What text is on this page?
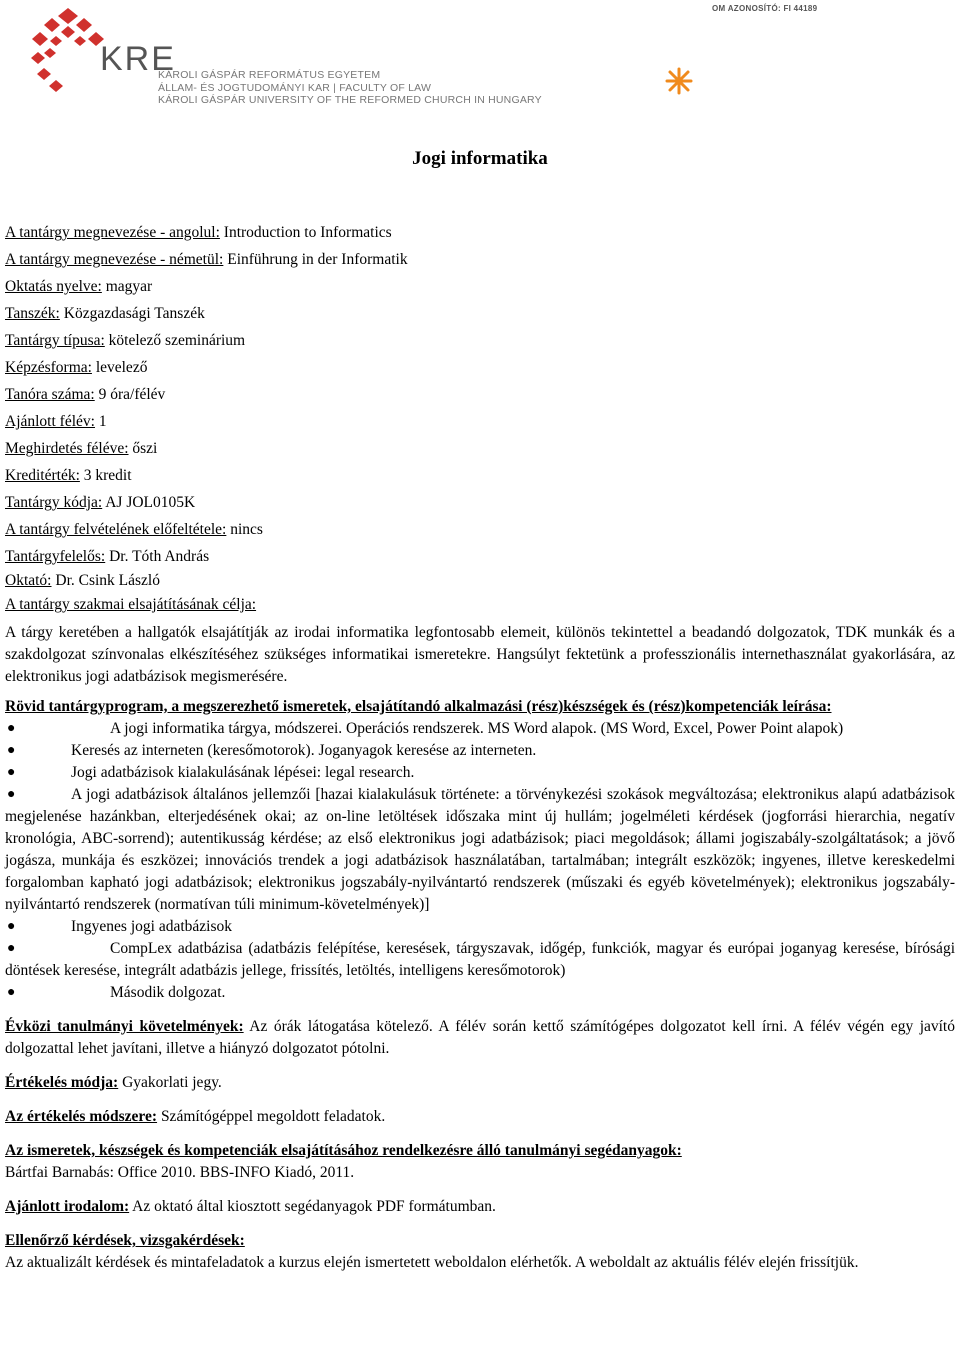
OM AZONOSÍTÓ: FI 44189
KRE
KÁROLI GÁSPÁR REFORMÁTUS EGYETEM
ÁLLAM- ÉS JOGTUDOMÁNYI KAR | FACULTY OF LAW
KÁROLI GÁSPÁR UNIVERSITY OF THE REFORMED CHURCH IN HUNGARY
Jogi informatika
A tantárgy megnevezése - angolul: Introduction to Informatics
A tantárgy megnevezése - németül: Einführung in der Informatik
Oktatás nyelve: magyar
Tanszék: Közgazdasági Tanszék
Tantárgy típusa: kötelező szeminárium
Képzésforma: levelező
Tanóra száma: 9 óra/félév
Ajánlott félév: 1
Meghirdetés féléve: őszi
Kreditérték: 3 kredit
Tantárgy kódja: AJ JOL0105K
A tantárgy felvételének előfeltétele: nincs
Tantárgyfelelős: Dr. Tóth András
Oktató: Dr. Csink László
A tantárgy szakmai elsajátításának célja:

A tárgy keretében a hallgatók elsajátítják az irodai informatika legfontosabb elemeit, különös tekintettel a beadandó dolgozatok, TDK munkák és a szakdolgozat színvonalas elkészítéséhez szükséges informatikai ismeretekre. Hangsúlyt fektetünk a professzionális internethasználat gyakorlására, az elektronikus jogi adatbázisok megismerésére.

Rövid tantárgyprogram, a megszerezhető ismeretek, elsajátítandó alkalmazási (rész)készségek és (rész)kompetenciák leírása:

●	A jogi informatika tárgya, módszerei. Operációs rendszerek. MS Word alapok. (MS Word, Excel, Power Point alapok)
●	Keresés az interneten (keresőmotorok). Joganyagok keresése az interneten.
●	Jogi adatbázisok kialakulásának lépései: legal research.
●	A jogi adatbázisok általános jellemzői [hazai kialakulásuk története: a törvénykezési szokások megváltozása; elektronikus alapú adatbázisok megjelenése hazánkban, elterjedésének okai; az on-line letöltések időszaka mint új hullám; jogelméleti kérdések (jogforrási hierarchia, negatív kronológia, ABC-sorrend); autentikusság kérdése; az első elektronikus jogi adatbázisok; piaci megoldások; állami jogiszabály-szolgáltatások; a jövő jogásza, munkája és eszközei; innovációs trendek a jogi adatbázisok használatában, tartalmában; integrált eszközök; ingyenes, illetve kereskedelmi forgalomban kapható jogi adatbázisok; elektronikus jogszabály-nyilvántartó rendszerek (műszaki és egyéb követelmények); elektronikus jogszabály-nyilvántartó rendszerek (normatívan túli minimum-követelmények)]
●	Ingyenes jogi adatbázisok
●	CompLex adatbázisa (adatbázis felépítése, keresések, tárgyszavak, időgép, funkciók, magyar és európai joganyag keresése, bírósági döntések keresése, integrált adatbázis jellege, frissítés, letöltés, intelligens keresőmotorok)
●	Második dolgozat.

Évközi tanulmányi követelmények: Az órák látogatása kötelező. A félév során kettő számítógépes dolgozatot kell írni. A félév végén egy javító dolgozattal lehet javítani, illetve a hiányzó dolgozatot pótolni.

Értékelés módja: Gyakorlati jegy.

Az értékelés módszere: Számítógéppel megoldott feladatok.

Az ismeretek, készségek és kompetenciák elsajátításához rendelkezésre álló tanulmányi segédanyagok:

Bártfai Barnabás: Office 2010. BBS-INFO Kiadó, 2011.

Ajánlott irodalom: Az oktató által kiosztott segédanyagok PDF formátumban.

Ellenőrző kérdések, vizsgakérdések:

Az aktualizált kérdések és mintafeladatok a kurzus elején ismertetett weboldalon elérhetők. A weboldalt az aktuális félév elején frissítjük.
